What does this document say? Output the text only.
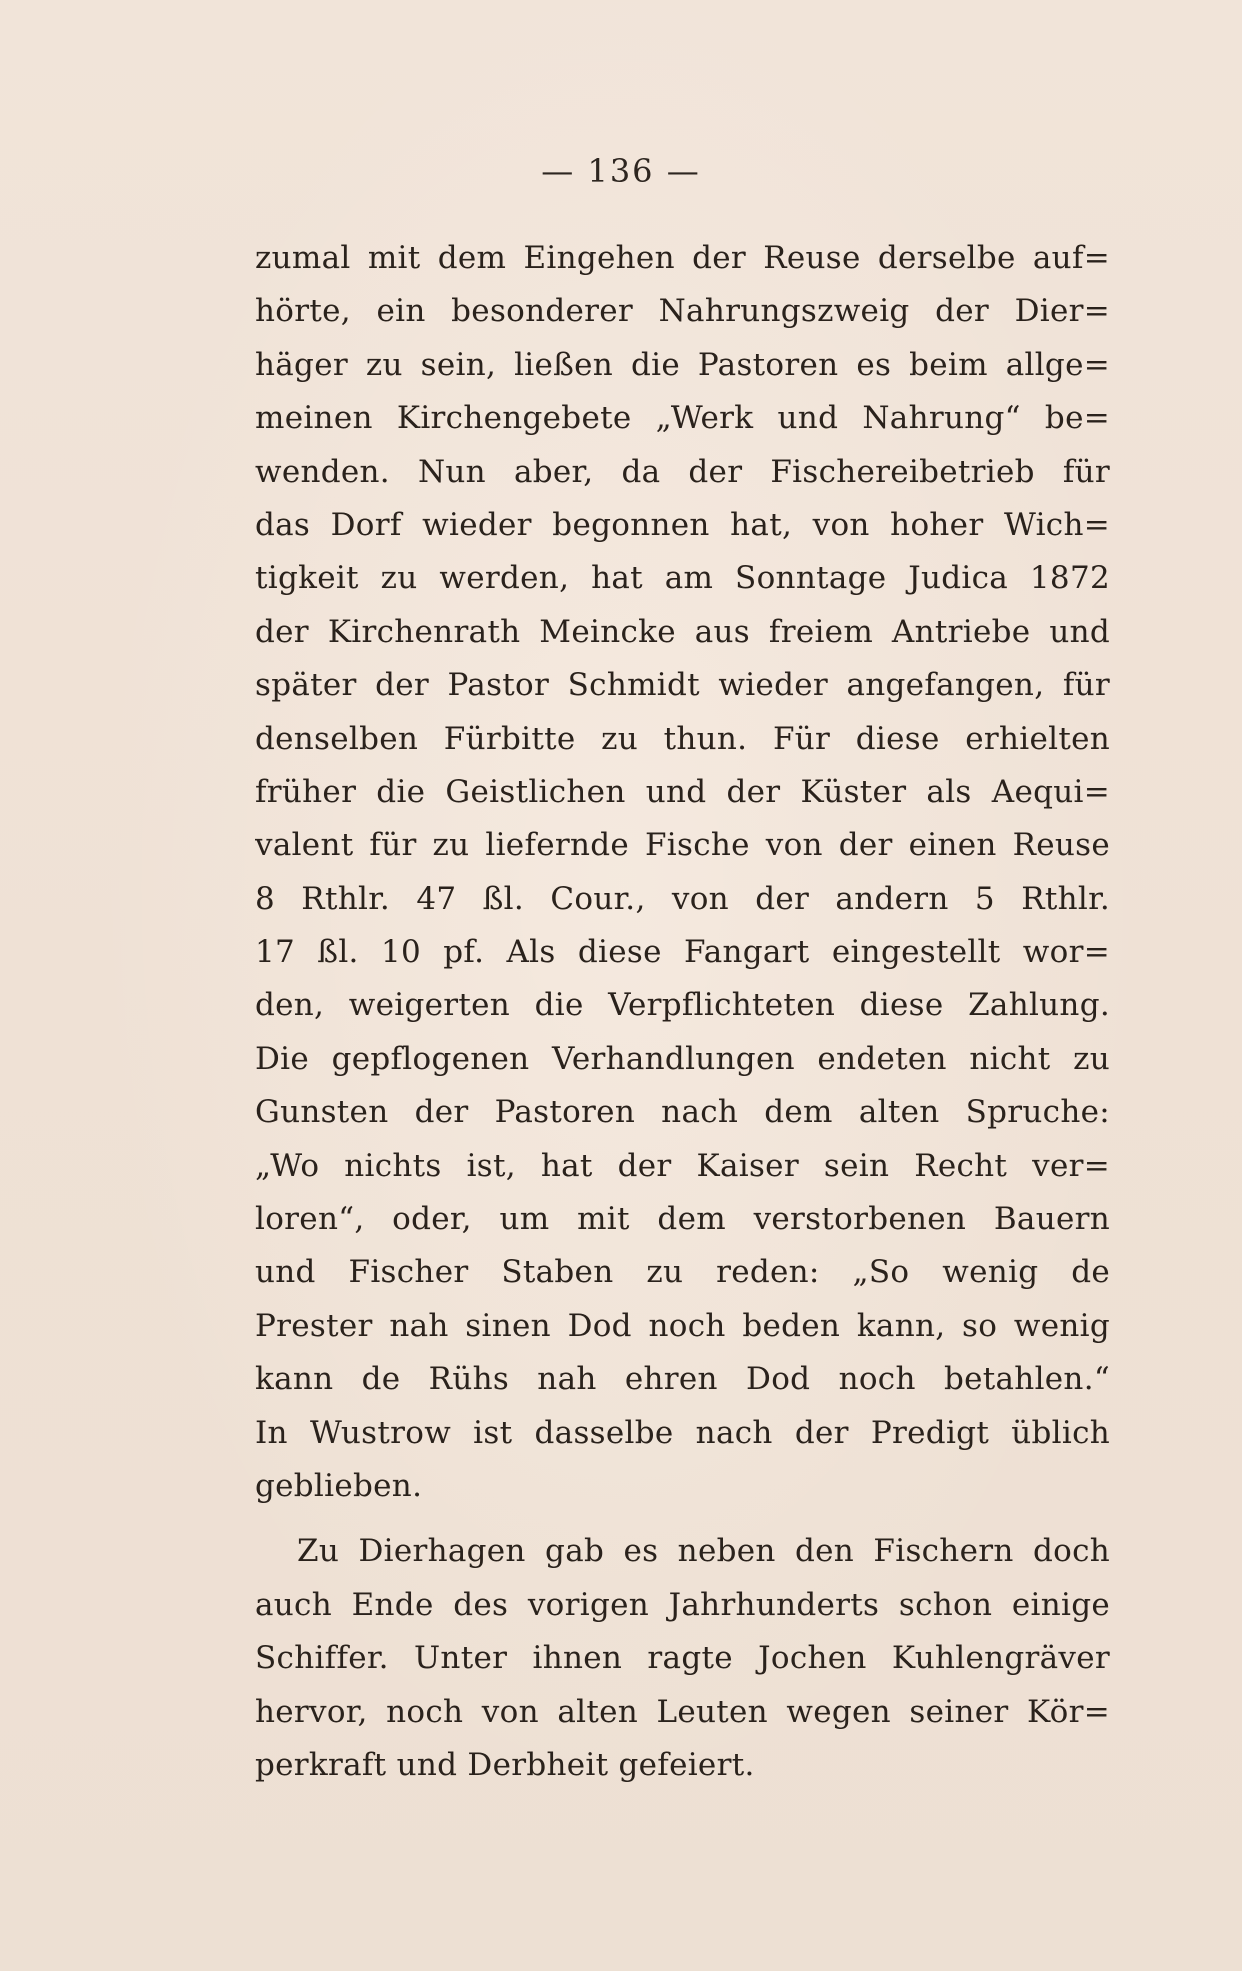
— 136 —
zumal mit dem Eingehen der Reuse derselbe auf=
hörte, ein besonderer Nahrungszweig der Dier=
häger zu sein, ließen die Pastoren es beim allge=
meinen Kirchengebete „Werk und Nahrung“ be=
wenden. Nun aber, da der Fischereibetrieb für
das Dorf wieder begonnen hat, von hoher Wich=
tigkeit zu werden, hat am Sonntage Judica 1872
der Kirchenrath Meincke aus freiem Antriebe und
später der Pastor Schmidt wieder angefangen, für
denselben Fürbitte zu thun. Für diese erhielten
früher die Geistlichen und der Küster als Aequi=
valent für zu liefernde Fische von der einen Reuse
8 Rthlr. 47 ßl. Cour., von der andern 5 Rthlr.
17 ßl. 10 pf. Als diese Fangart eingestellt wor=
den, weigerten die Verpflichteten diese Zahlung.
Die gepflogenen Verhandlungen endeten nicht zu
Gunsten der Pastoren nach dem alten Spruche:
„Wo nichts ist, hat der Kaiser sein Recht ver=
loren“, oder, um mit dem verstorbenen Bauern
und Fischer Staben zu reden: „So wenig de
Prester nah sinen Dod noch beden kann, so wenig
kann de Rühs nah ehren Dod noch betahlen.“
In Wustrow ist dasselbe nach der Predigt üblich
geblieben.
Zu Dierhagen gab es neben den Fischern doch
auch Ende des vorigen Jahrhunderts schon einige
Schiffer. Unter ihnen ragte Jochen Kuhlengräver
hervor, noch von alten Leuten wegen seiner Kör=
perkraft und Derbheit gefeiert.
